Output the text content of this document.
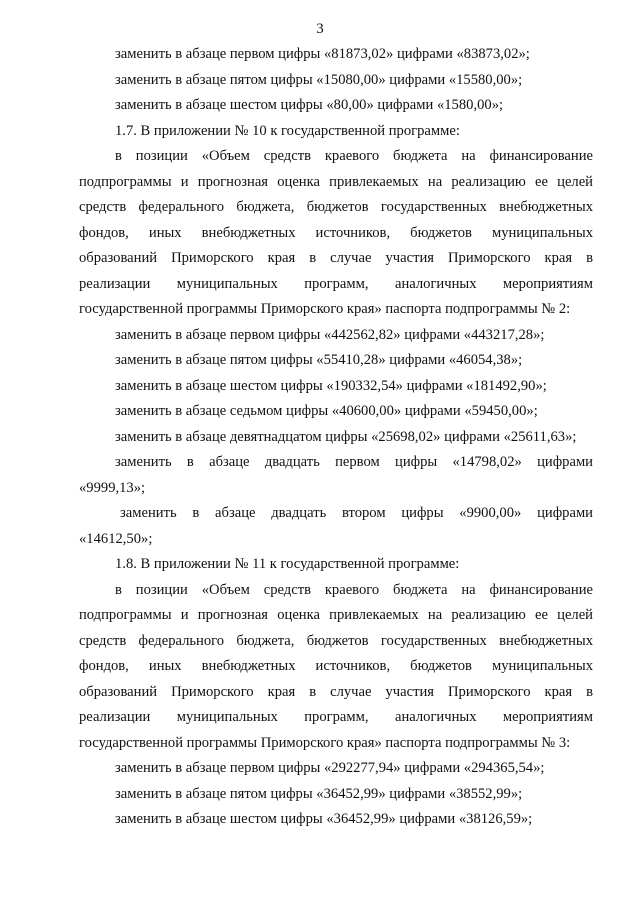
3
заменить в абзаце первом цифры «81873,02» цифрами «83873,02»;
заменить в абзаце пятом цифры «15080,00» цифрами «15580,00»;
заменить в абзаце шестом цифры «80,00» цифрами «1580,00»;
1.7. В приложении № 10 к государственной программе:
в позиции «Объем средств краевого бюджета на финансирование
подпрограммы и прогнозная оценка привлекаемых на реализацию ее целей
средств федерального бюджета, бюджетов государственных внебюджетных
фондов, иных внебюджетных источников, бюджетов муниципальных
образований Приморского края в случае участия Приморского края в
реализации муниципальных программ, аналогичных мероприятиям
государственной программы Приморского края» паспорта подпрограммы № 2:
заменить в абзаце первом цифры «442562,82» цифрами «443217,28»;
заменить в абзаце пятом цифры «55410,28» цифрами «46054,38»;
заменить в абзаце шестом цифры «190332,54» цифрами «181492,90»;
заменить в абзаце седьмом цифры «40600,00» цифрами «59450,00»;
заменить в абзаце девятнадцатом цифры «25698,02» цифрами «25611,63»;
заменить в абзаце двадцать первом цифры «14798,02» цифрами
«9999,13»;
заменить в абзаце двадцать втором цифры «9900,00» цифрами
«14612,50»;
1.8. В приложении № 11 к государственной программе:
в позиции «Объем средств краевого бюджета на финансирование
подпрограммы и прогнозная оценка привлекаемых на реализацию ее целей
средств федерального бюджета, бюджетов государственных внебюджетных
фондов, иных внебюджетных источников, бюджетов муниципальных
образований Приморского края в случае участия Приморского края в
реализации муниципальных программ, аналогичных мероприятиям
государственной программы Приморского края» паспорта подпрограммы № 3:
заменить в абзаце первом цифры «292277,94» цифрами «294365,54»;
заменить в абзаце пятом цифры «36452,99» цифрами «38552,99»;
заменить в абзаце шестом цифры «36452,99» цифрами «38126,59»;
